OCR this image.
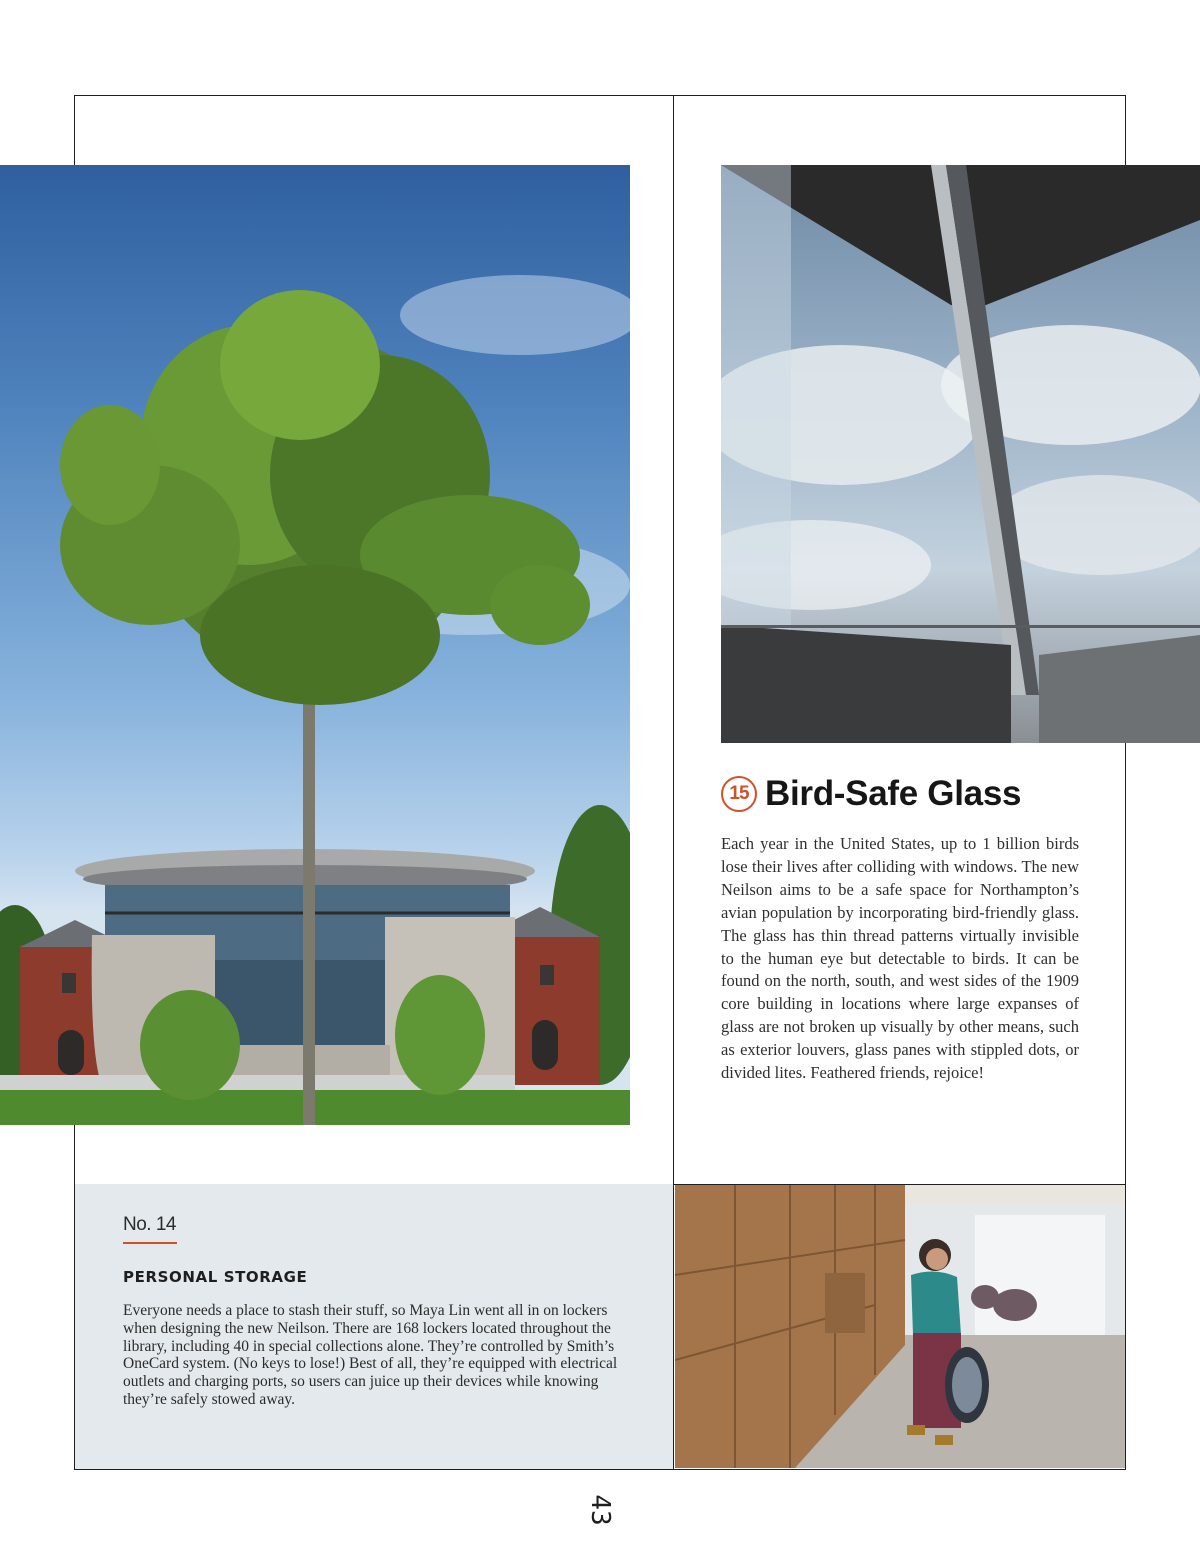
15 Bird-Safe Glass

Each year in the United States, up to 1 billion birds lose their lives after colliding with windows. The new Neilson aims to be a safe space for Northampton’s avian population by incorporating bird-friendly glass. The glass has thin thread patterns virtually invisible to the human eye but detectable to birds. It can be found on the north, south, and west sides of the 1909 core building in locations where large expanses of glass are not broken up visually by other means, such as exterior louvers, glass panes with stippled dots, or divided lites. Feathered friends, rejoice!

No. 14
PERSONAL STORAGE

Everyone needs a place to stash their stuff, so Maya Lin went all in on lockers when designing the new Neilson. There are 168 lockers located throughout the library, including 40 in special collections alone. They’re controlled by Smith’s OneCard system. (No keys to lose!) Best of all, they’re equipped with electrical outlets and charging ports, so users can juice up their devices while knowing they’re safely stowed away.

43
